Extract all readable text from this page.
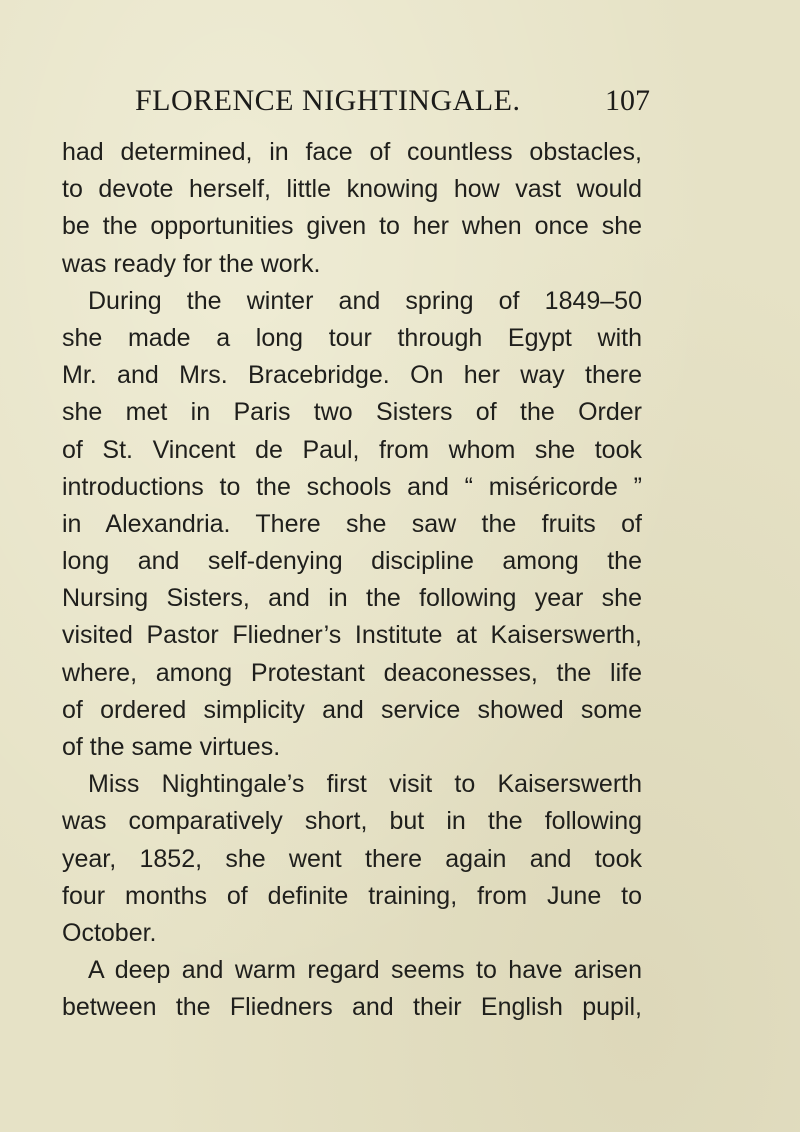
FLORENCE NIGHTINGALE.	107
had determined, in face of countless obstacles,
to devote herself, little knowing how vast would
be the opportunities given to her when once she
was ready for the work.
During the winter and spring of 1849–50
she made a long tour through Egypt with
Mr. and Mrs. Bracebridge. On her way there
she met in Paris two Sisters of the Order
of St. Vincent de Paul, from whom she took
introductions to the schools and “ miséricorde ”
in Alexandria. There she saw the fruits of
long and self-denying discipline among the
Nursing Sisters, and in the following year she
visited Pastor Fliedner’s Institute at Kaiserswerth,
where, among Protestant deaconesses, the life
of ordered simplicity and service showed some
of the same virtues.
Miss Nightingale’s first visit to Kaiserswerth
was comparatively short, but in the following
year, 1852, she went there again and took
four months of definite training, from June to
October.
A deep and warm regard seems to have arisen
between the Fliedners and their English pupil,
